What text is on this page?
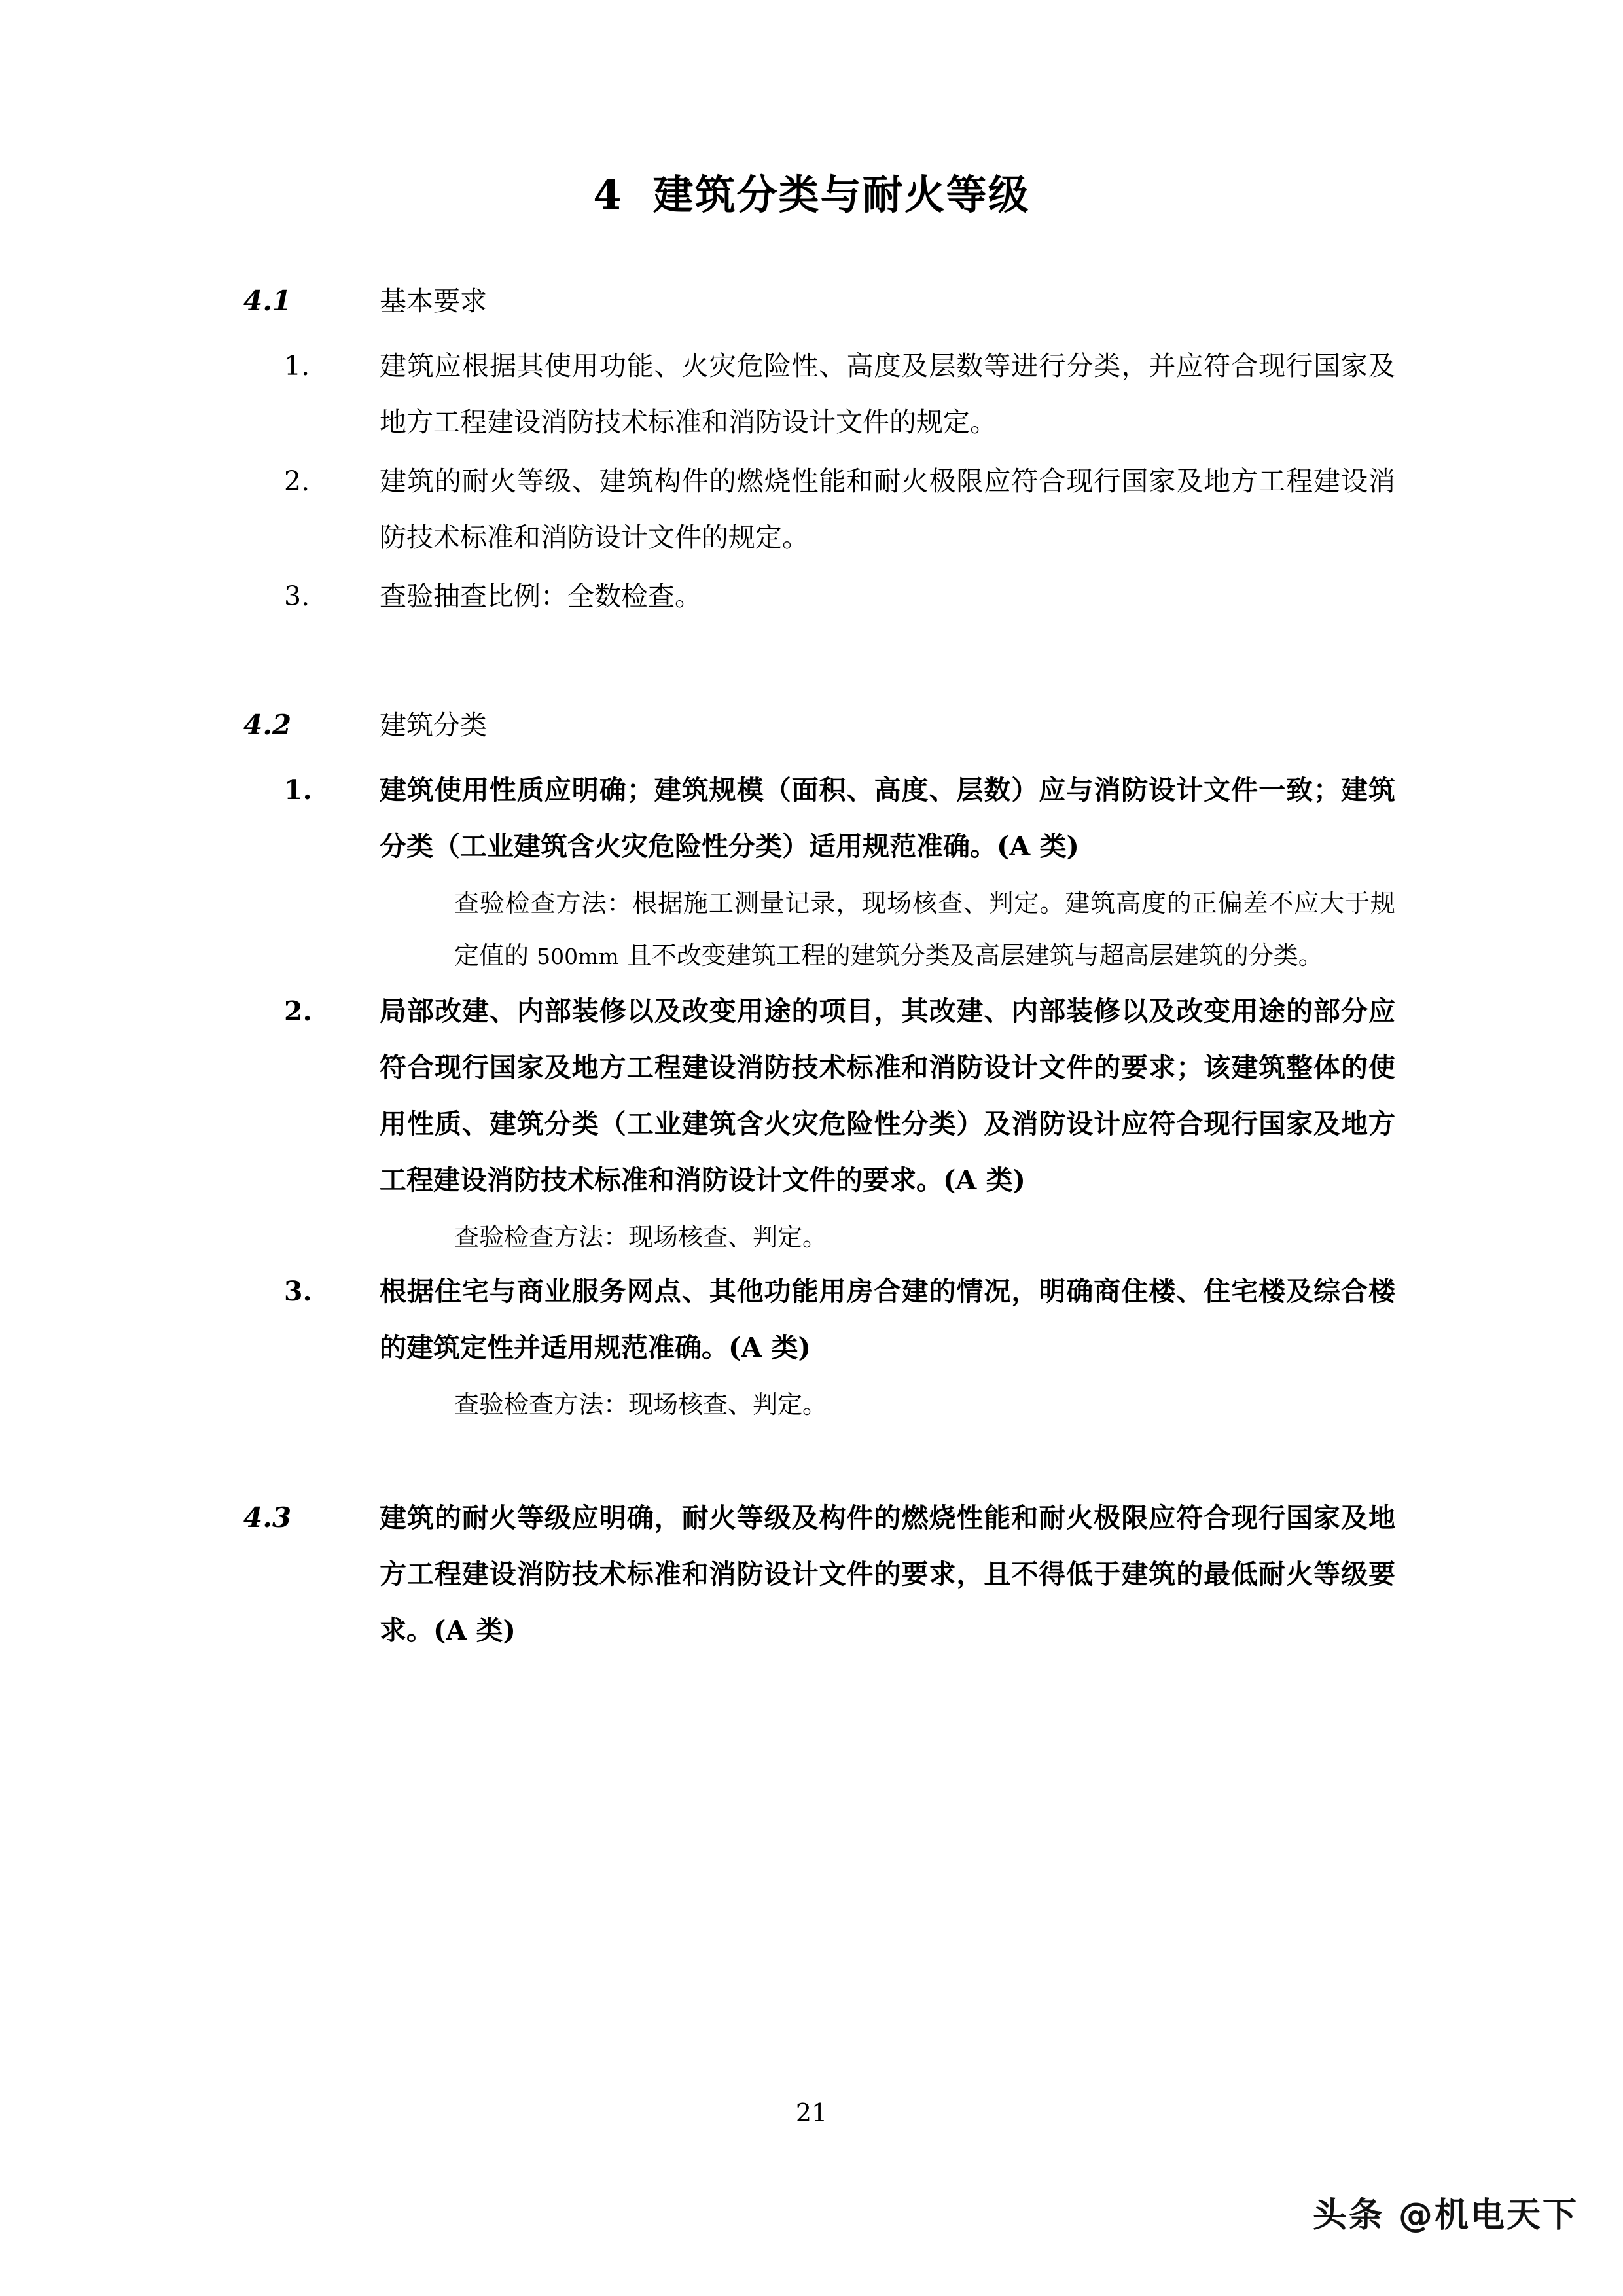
4 建筑分类与耐火等级
4.1	基本要求
1.	建筑应根据其使用功能、火灾危险性、高度及层数等进行分类，并应符合现行国家及地方工程建设消防技术标准和消防设计文件的规定。
2.	建筑的耐火等级、建筑构件的燃烧性能和耐火极限应符合现行国家及地方工程建设消防技术标准和消防设计文件的规定。
3.	查验抽查比例：全数检查。
4.2	建筑分类
1.	建筑使用性质应明确；建筑规模（面积、高度、层数）应与消防设计文件一致；建筑分类（工业建筑含火灾危险性分类）适用规范准确。(A 类)
查验检查方法：根据施工测量记录，现场核查、判定。建筑高度的正偏差不应大于规定值的 500mm 且不改变建筑工程的建筑分类及高层建筑与超高层建筑的分类。
2.	局部改建、内部装修以及改变用途的项目，其改建、内部装修以及改变用途的部分应符合现行国家及地方工程建设消防技术标准和消防设计文件的要求；该建筑整体的使用性质、建筑分类（工业建筑含火灾危险性分类）及消防设计应符合现行国家及地方工程建设消防技术标准和消防设计文件的要求。(A 类)
查验检查方法：现场核查、判定。
3.	根据住宅与商业服务网点、其他功能用房合建的情况，明确商住楼、住宅楼及综合楼的建筑定性并适用规范准确。(A 类)
查验检查方法：现场核查、判定。
4.3	建筑的耐火等级应明确，耐火等级及构件的燃烧性能和耐火极限应符合现行国家及地方工程建设消防技术标准和消防设计文件的要求，且不得低于建筑的最低耐火等级要求。(A 类)
21
头条 @机电天下
